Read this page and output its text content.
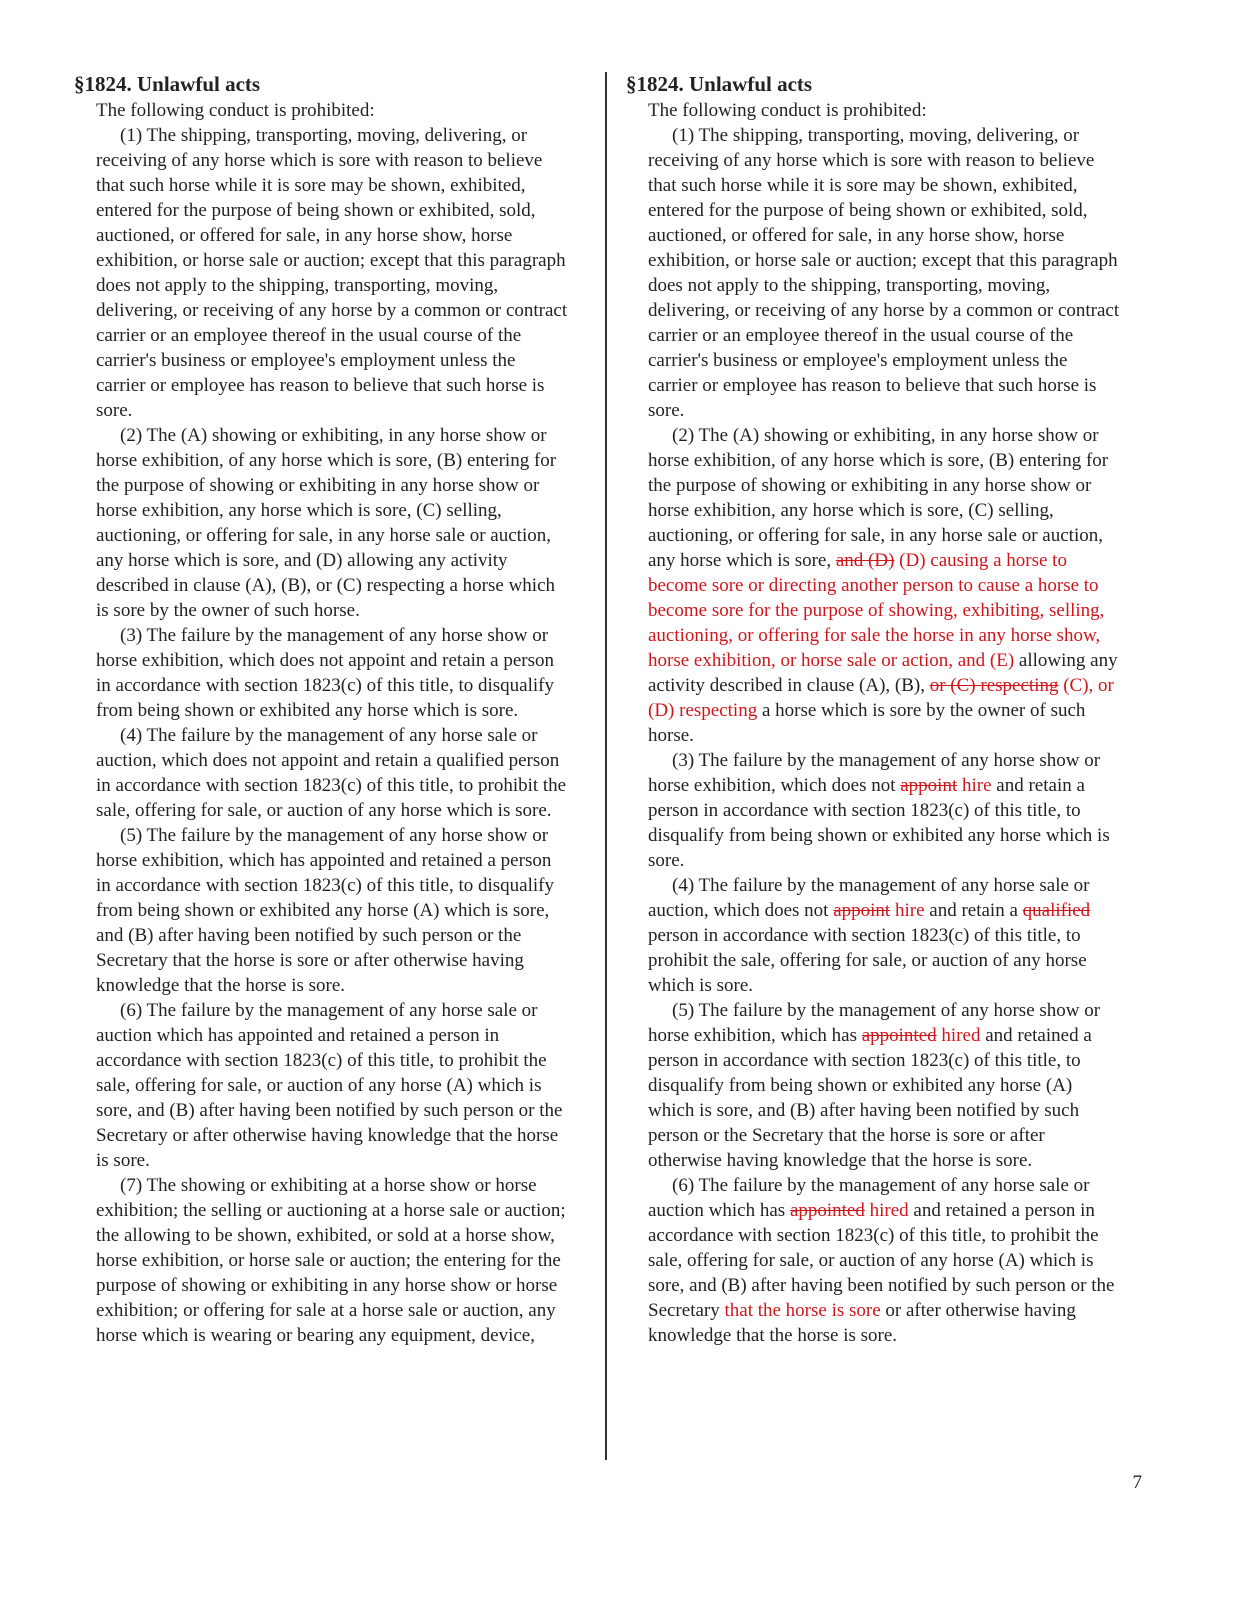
§1824. Unlawful acts

The following conduct is prohibited:

(1) The shipping, transporting, moving, delivering, or receiving of any horse which is sore with reason to believe that such horse while it is sore may be shown, exhibited, entered for the purpose of being shown or exhibited, sold, auctioned, or offered for sale, in any horse show, horse exhibition, or horse sale or auction; except that this paragraph does not apply to the shipping, transporting, moving, delivering, or receiving of any horse by a common or contract carrier or an employee thereof in the usual course of the carrier's business or employee's employment unless the carrier or employee has reason to believe that such horse is sore.

(2) The (A) showing or exhibiting, in any horse show or horse exhibition, of any horse which is sore, (B) entering for the purpose of showing or exhibiting in any horse show or horse exhibition, any horse which is sore, (C) selling, auctioning, or offering for sale, in any horse sale or auction, any horse which is sore, and (D) allowing any activity described in clause (A), (B), or (C) respecting a horse which is sore by the owner of such horse.

(3) The failure by the management of any horse show or horse exhibition, which does not appoint and retain a person in accordance with section 1823(c) of this title, to disqualify from being shown or exhibited any horse which is sore.

(4) The failure by the management of any horse sale or auction, which does not appoint and retain a qualified person in accordance with section 1823(c) of this title, to prohibit the sale, offering for sale, or auction of any horse which is sore.

(5) The failure by the management of any horse show or horse exhibition, which has appointed and retained a person in accordance with section 1823(c) of this title, to disqualify from being shown or exhibited any horse (A) which is sore, and (B) after having been notified by such person or the Secretary that the horse is sore or after otherwise having knowledge that the horse is sore.

(6) The failure by the management of any horse sale or auction which has appointed and retained a person in accordance with section 1823(c) of this title, to prohibit the sale, offering for sale, or auction of any horse (A) which is sore, and (B) after having been notified by such person or the Secretary or after otherwise having knowledge that the horse is sore.

(7) The showing or exhibiting at a horse show or horse exhibition; the selling or auctioning at a horse sale or auction; the allowing to be shown, exhibited, or sold at a horse show, horse exhibition, or horse sale or auction; the entering for the purpose of showing or exhibiting in any horse show or horse exhibition; or offering for sale at a horse sale or auction, any horse which is wearing or bearing any equipment, device,

§1824. Unlawful acts

The following conduct is prohibited:

(1) The shipping, transporting, moving, delivering, or receiving of any horse which is sore with reason to believe that such horse while it is sore may be shown, exhibited, entered for the purpose of being shown or exhibited, sold, auctioned, or offered for sale, in any horse show, horse exhibition, or horse sale or auction; except that this paragraph does not apply to the shipping, transporting, moving, delivering, or receiving of any horse by a common or contract carrier or an employee thereof in the usual course of the carrier's business or employee's employment unless the carrier or employee has reason to believe that such horse is sore.

(2) The (A) showing or exhibiting, in any horse show or horse exhibition, of any horse which is sore, (B) entering for the purpose of showing or exhibiting in any horse show or horse exhibition, any horse which is sore, (C) selling, auctioning, or offering for sale, in any horse sale or auction, any horse which is sore, and (D) (D) causing a horse to become sore or directing another person to cause a horse to become sore for the purpose of showing, exhibiting, selling, auctioning, or offering for sale the horse in any horse show, horse exhibition, or horse sale or action, and (E) allowing any activity described in clause (A), (B), or (C) respecting (C), or (D) respecting a horse which is sore by the owner of such horse.

(3) The failure by the management of any horse show or horse exhibition, which does not appoint hire and retain a person in accordance with section 1823(c) of this title, to disqualify from being shown or exhibited any horse which is sore.

(4) The failure by the management of any horse sale or auction, which does not appoint hire and retain a qualified person in accordance with section 1823(c) of this title, to prohibit the sale, offering for sale, or auction of any horse which is sore.

(5) The failure by the management of any horse show or horse exhibition, which has appointed hired and retained a person in accordance with section 1823(c) of this title, to disqualify from being shown or exhibited any horse (A) which is sore, and (B) after having been notified by such person or the Secretary that the horse is sore or after otherwise having knowledge that the horse is sore.

(6) The failure by the management of any horse sale or auction which has appointed hired and retained a person in accordance with section 1823(c) of this title, to prohibit the sale, offering for sale, or auction of any horse (A) which is sore, and (B) after having been notified by such person or the Secretary that the horse is sore or after otherwise having knowledge that the horse is sore.

7
